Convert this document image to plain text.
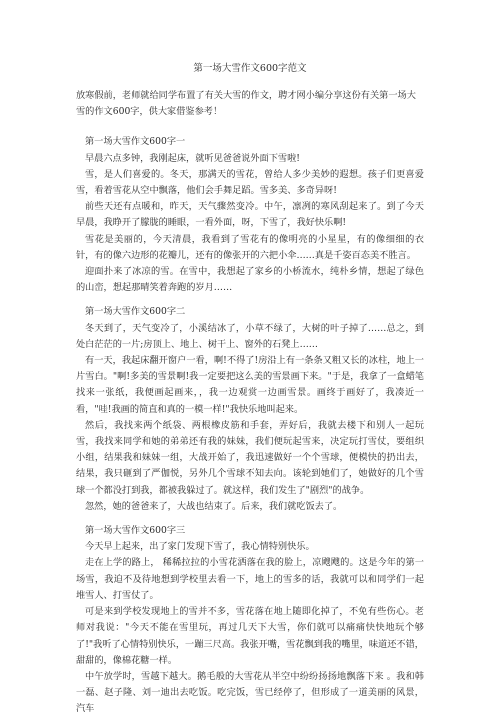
第一场大雪作文600字范文

放寒假前，老师就给同学布置了有关大雪的作文，聘才网小编分享这份有关第一场大雪的作文600字，供大家借鉴参考！

第一场大雪作文600字一

早晨六点多钟，我刚起床，就听见爸爸说外面下雪啦!

雪，是人们喜爱的。冬天，那满天的雪花，曾给人多少美妙的遐想。孩子们更喜爱雪，看着雪花从空中飘落，他们会手舞足蹈。雪多美、多奇异呀!

前些天还有点暖和，昨天，天气骤然变冷。中午，凛冽的寒风刮起来了。到了今天早晨，我睁开了朦胧的睡眼，一看外面，呀，下雪了，我好快乐啊!

雪花是美丽的，今天清晨，我看到了雪花有的像明亮的小星星，有的像细细的衣针，有的像六边形的花瓣儿，还有的像张开的六把小伞……真是千姿百态美不胜言。

迎面扑来了冰凉的雪。在雪中，我想起了家乡的小桥流水，纯朴乡情，想起了绿色的山峦，想起那晴笑着奔跑的岁月……

第一场大雪作文600字二

冬天到了，天气变冷了，小溪结冰了，小草不绿了，大树的叶子掉了……总之，到处白茫茫的一片;房顶上、地上、树干上、窗外的石凳上……

有一天，我起床翻开窗户一看，啊!不得了!房沿上有一条条又粗又长的冰柱，地上一片雪白。"啊!多美的雪景啊!我一定要把这么美的雪景画下来。"于是，我拿了一盒蜡笔找来一张纸，我便画起画来，，我一边观赏一边画雪景。画终于画好了，我凑近一看，"哇!我画的简直和真的一模一样!"我快乐地叫起来。

然后，我找来两个纸袋、两根橡皮筋和手套，弄好后，我就去楼下和别人一起玩雪，我找来同学和她的弟弟还有我的妹妹，我们便玩起雪来，决定玩打雪仗，要组织小组，结果我和妹妹一组，大战开始了，我迅速做好一个个雪球，便模快的扔出去，结果，我只砸到了严伽悦，另外几个雪球不知去向。该轮到她们了，她做好的几个雪球一个都没打到我，都被我躲过了。就这样，我们发生了"剧烈"的战争。

忽然，她的爸爸来了，大战也结束了。后来，我们就吃饭去了。

第一场大雪作文600字三

今天早上起来，出了家门发现下雪了，我心情特别快乐。

走在上学的路上， 稀稀拉拉的小雪花洒落在我的脸上，凉飕飕的。这是今年的第一场雪，我迫不及待地想到学校里去看一下，地上的雪多的话，我就可以和同学们一起堆雪人、打雪仗了。

可是来到学校发现地上的雪并不多，雪花落在地上随即化掉了，不免有些伤心。老师对我说："今天不能在雪里玩，再过几天下大雪，你们就可以痛痛快快地玩个够了!"我听了心情特别快乐，一蹦三尺高。我张开嘴，雪花飘到我的嘴里，味道还不错，甜甜的，像棉花糖一样。

中午放学时，雪越下越大。鹅毛般的大雪花从半空中纷纷扬扬地飘落下来 。我和韩一磊、赵子隆、刘一迪出去吃饭。吃完饭，雪已经停了，但形成了一道美丽的风景，汽车
